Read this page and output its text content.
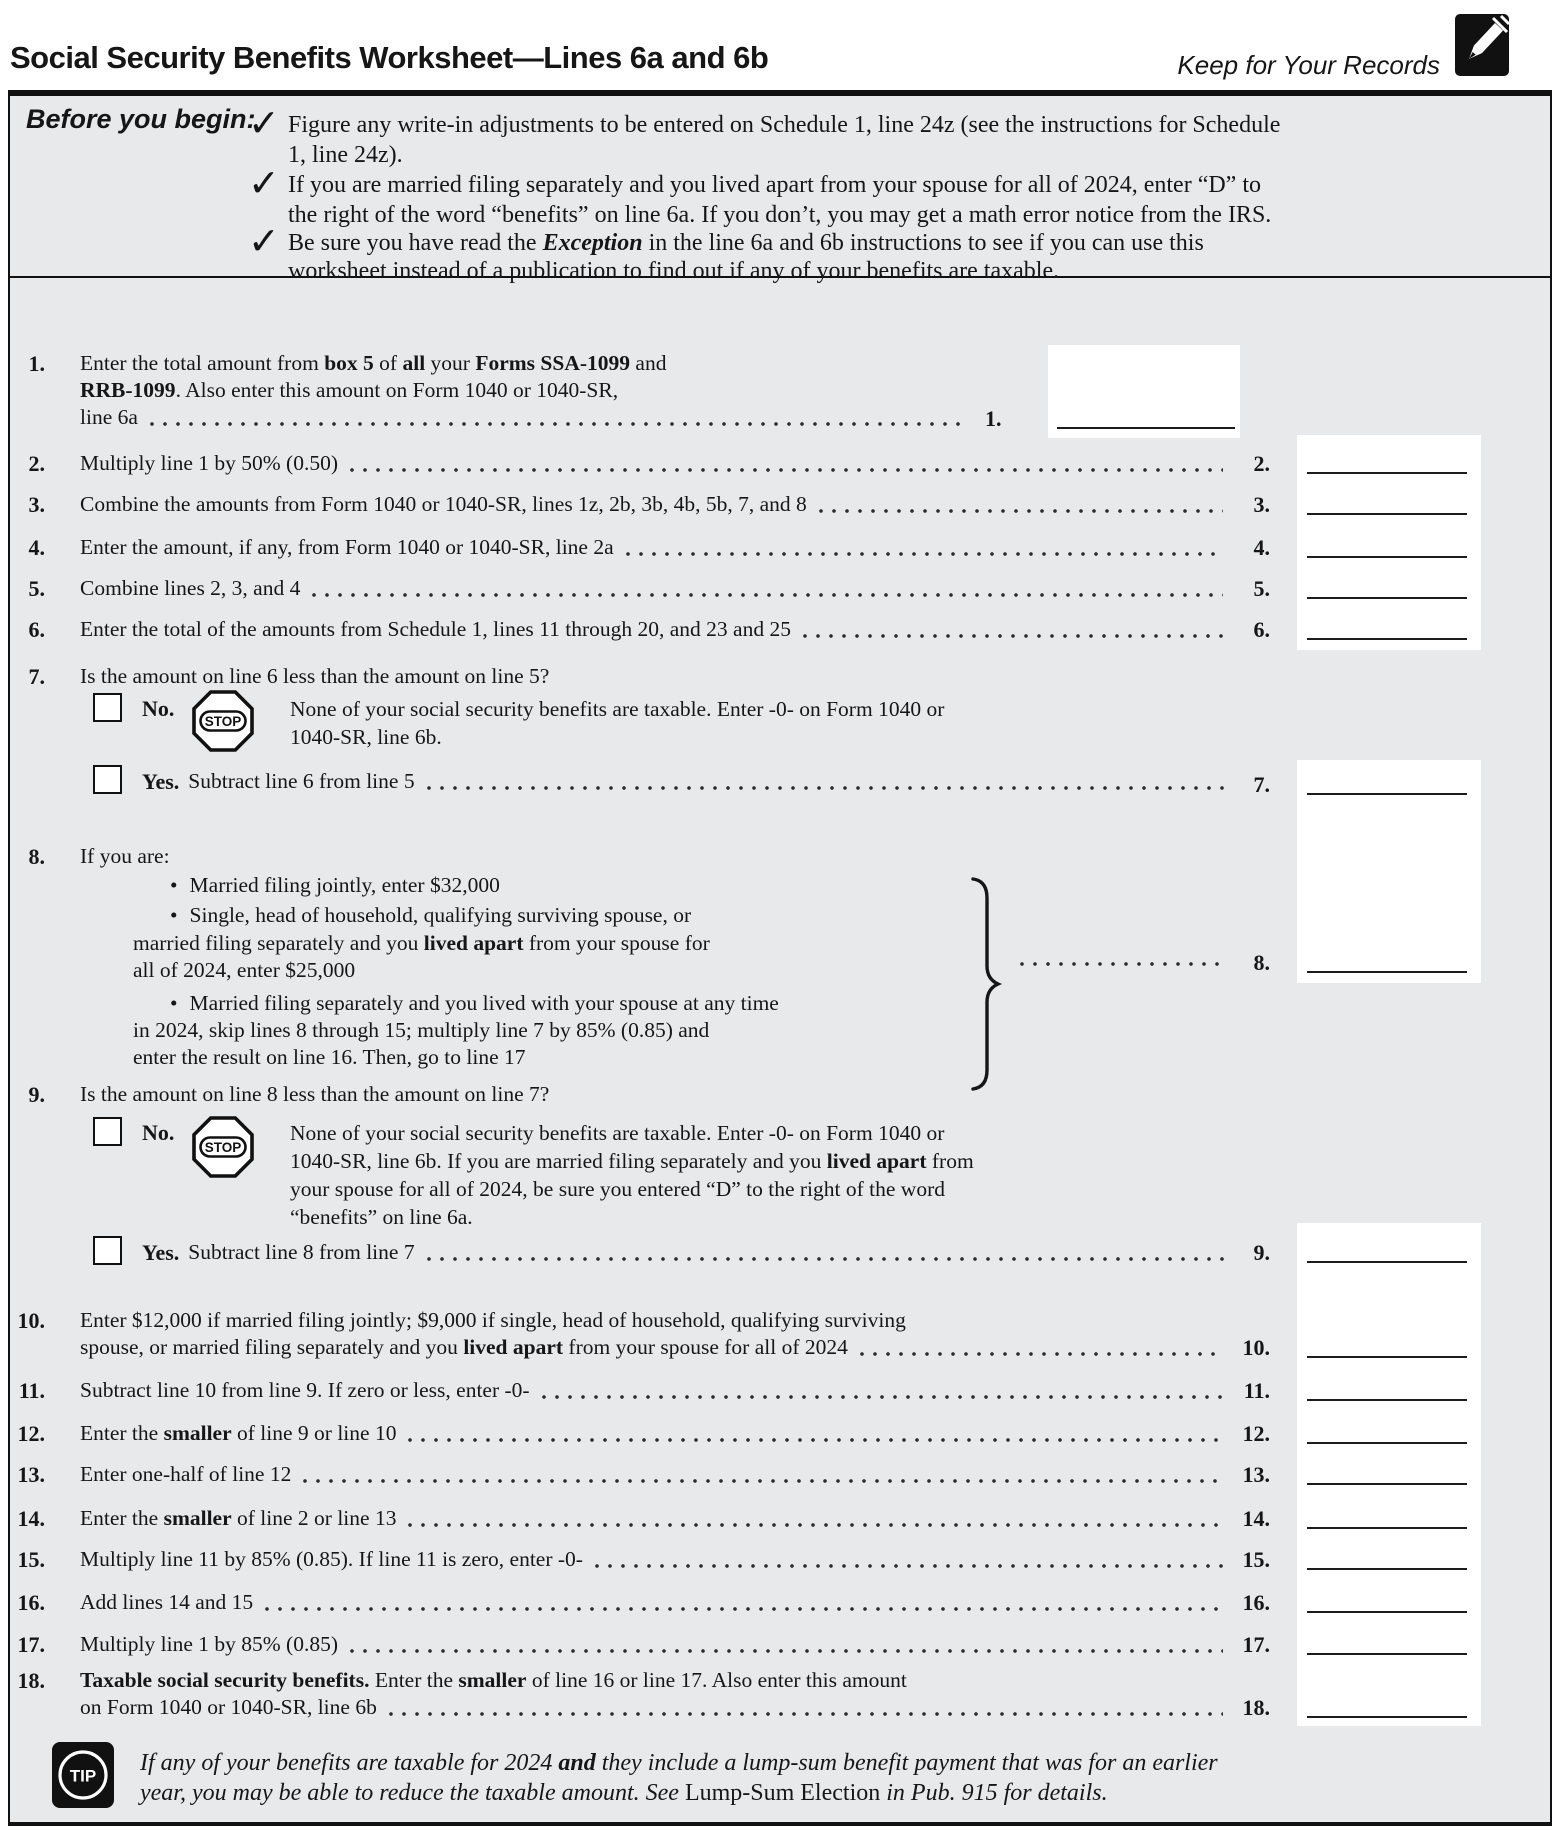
Social Security Benefits Worksheet—Lines 6a and 6b	Keep for Your Records
Before you begin:
✓ Figure any write-in adjustments to be entered on Schedule 1, line 24z (see the instructions for Schedule
1, line 24z).
✓ If you are married filing separately and you lived apart from your spouse for all of 2024, enter “D” to
the right of the word “benefits” on line 6a. If you don’t, you may get a math error notice from the IRS.
✓ Be sure you have read the Exception in the line 6a and 6b instructions to see if you can use this
worksheet instead of a publication to find out if any of your benefits are taxable.
1. Enter the total amount from box 5 of all your Forms SSA-1099 and
RRB-1099. Also enter this amount on Form 1040 or 1040-SR,
line 6a	1.
2. Multiply line 1 by 50% (0.50)
3. Combine the amounts from Form 1040 or 1040-SR, lines 1z, 2b, 3b, 4b, 5b, 7, and 8
4. Enter the amount, if any, from Form 1040 or 1040-SR, line 2a
5. Combine lines 2, 3, and 4
6. Enter the total of the amounts from Schedule 1, lines 11 through 20, and 23 and 25
7. Is the amount on line 6 less than the amount on line 5?
No.
STOP
None of your social security benefits are taxable. Enter -0- on Form 1040 or
1040-SR, line 6b.
Yes. Subtract line 6 from line 5
8. If you are:
• Married filing jointly, enter $32,000
• Single, head of household, qualifying surviving spouse, or
married filing separately and you lived apart from your spouse for
all of 2024, enter $25,000
• Married filing separately and you lived with your spouse at any time
in 2024, skip lines 8 through 15; multiply line 7 by 85% (0.85) and
enter the result on line 16. Then, go to line 17
9. Is the amount on line 8 less than the amount on line 7?
No.
STOP
None of your social security benefits are taxable. Enter -0- on Form 1040 or
1040-SR, line 6b. If you are married filing separately and you lived apart from
your spouse for all of 2024, be sure you entered “D” to the right of the word
“benefits” on line 6a.
Yes. Subtract line 8 from line 7
10. Enter $12,000 if married filing jointly; $9,000 if single, head of household, qualifying surviving
spouse, or married filing separately and you lived apart from your spouse for all of 2024
11. Subtract line 10 from line 9. If zero or less, enter -0-
12. Enter the smaller of line 9 or line 10
13. Enter one-half of line 12
14. Enter the smaller of line 2 or line 13
15. Multiply line 11 by 85% (0.85). If line 11 is zero, enter -0-
16. Add lines 14 and 15
17. Multiply line 1 by 85% (0.85)
18. Taxable social security benefits. Enter the smaller of line 16 or line 17. Also enter this amount
on Form 1040 or 1040-SR, line 6b
2.
3.
4.
5.
6.
7.
8.
9.
10.
11.
12.
13.
14.
15.
16.
17.
18.
TIP If any of your benefits are taxable for 2024 and they include a lump-sum benefit payment that was for an earlier
year, you may be able to reduce the taxable amount. See Lump-Sum Election in Pub. 915 for details.
